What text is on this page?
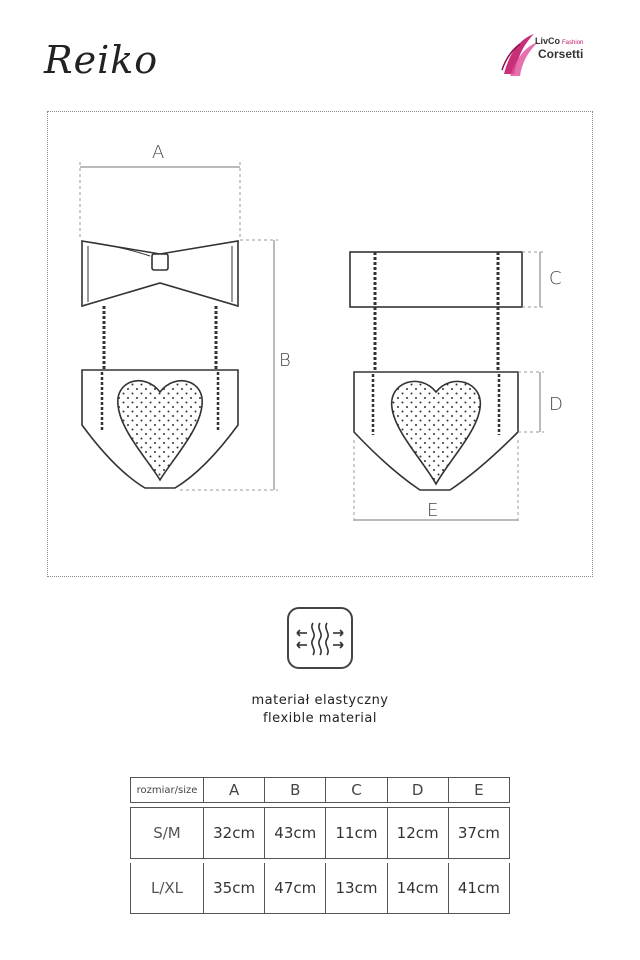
Reiko	LivCo Fashion
Corsetti
A
B
C
D
E
materiał elastyczny
flexible material
rozmiar/size	A	B	C	D	E
S/M	32cm	43cm	11cm	12cm	37cm
L/XL	35cm	47cm	13cm	14cm	41cm
